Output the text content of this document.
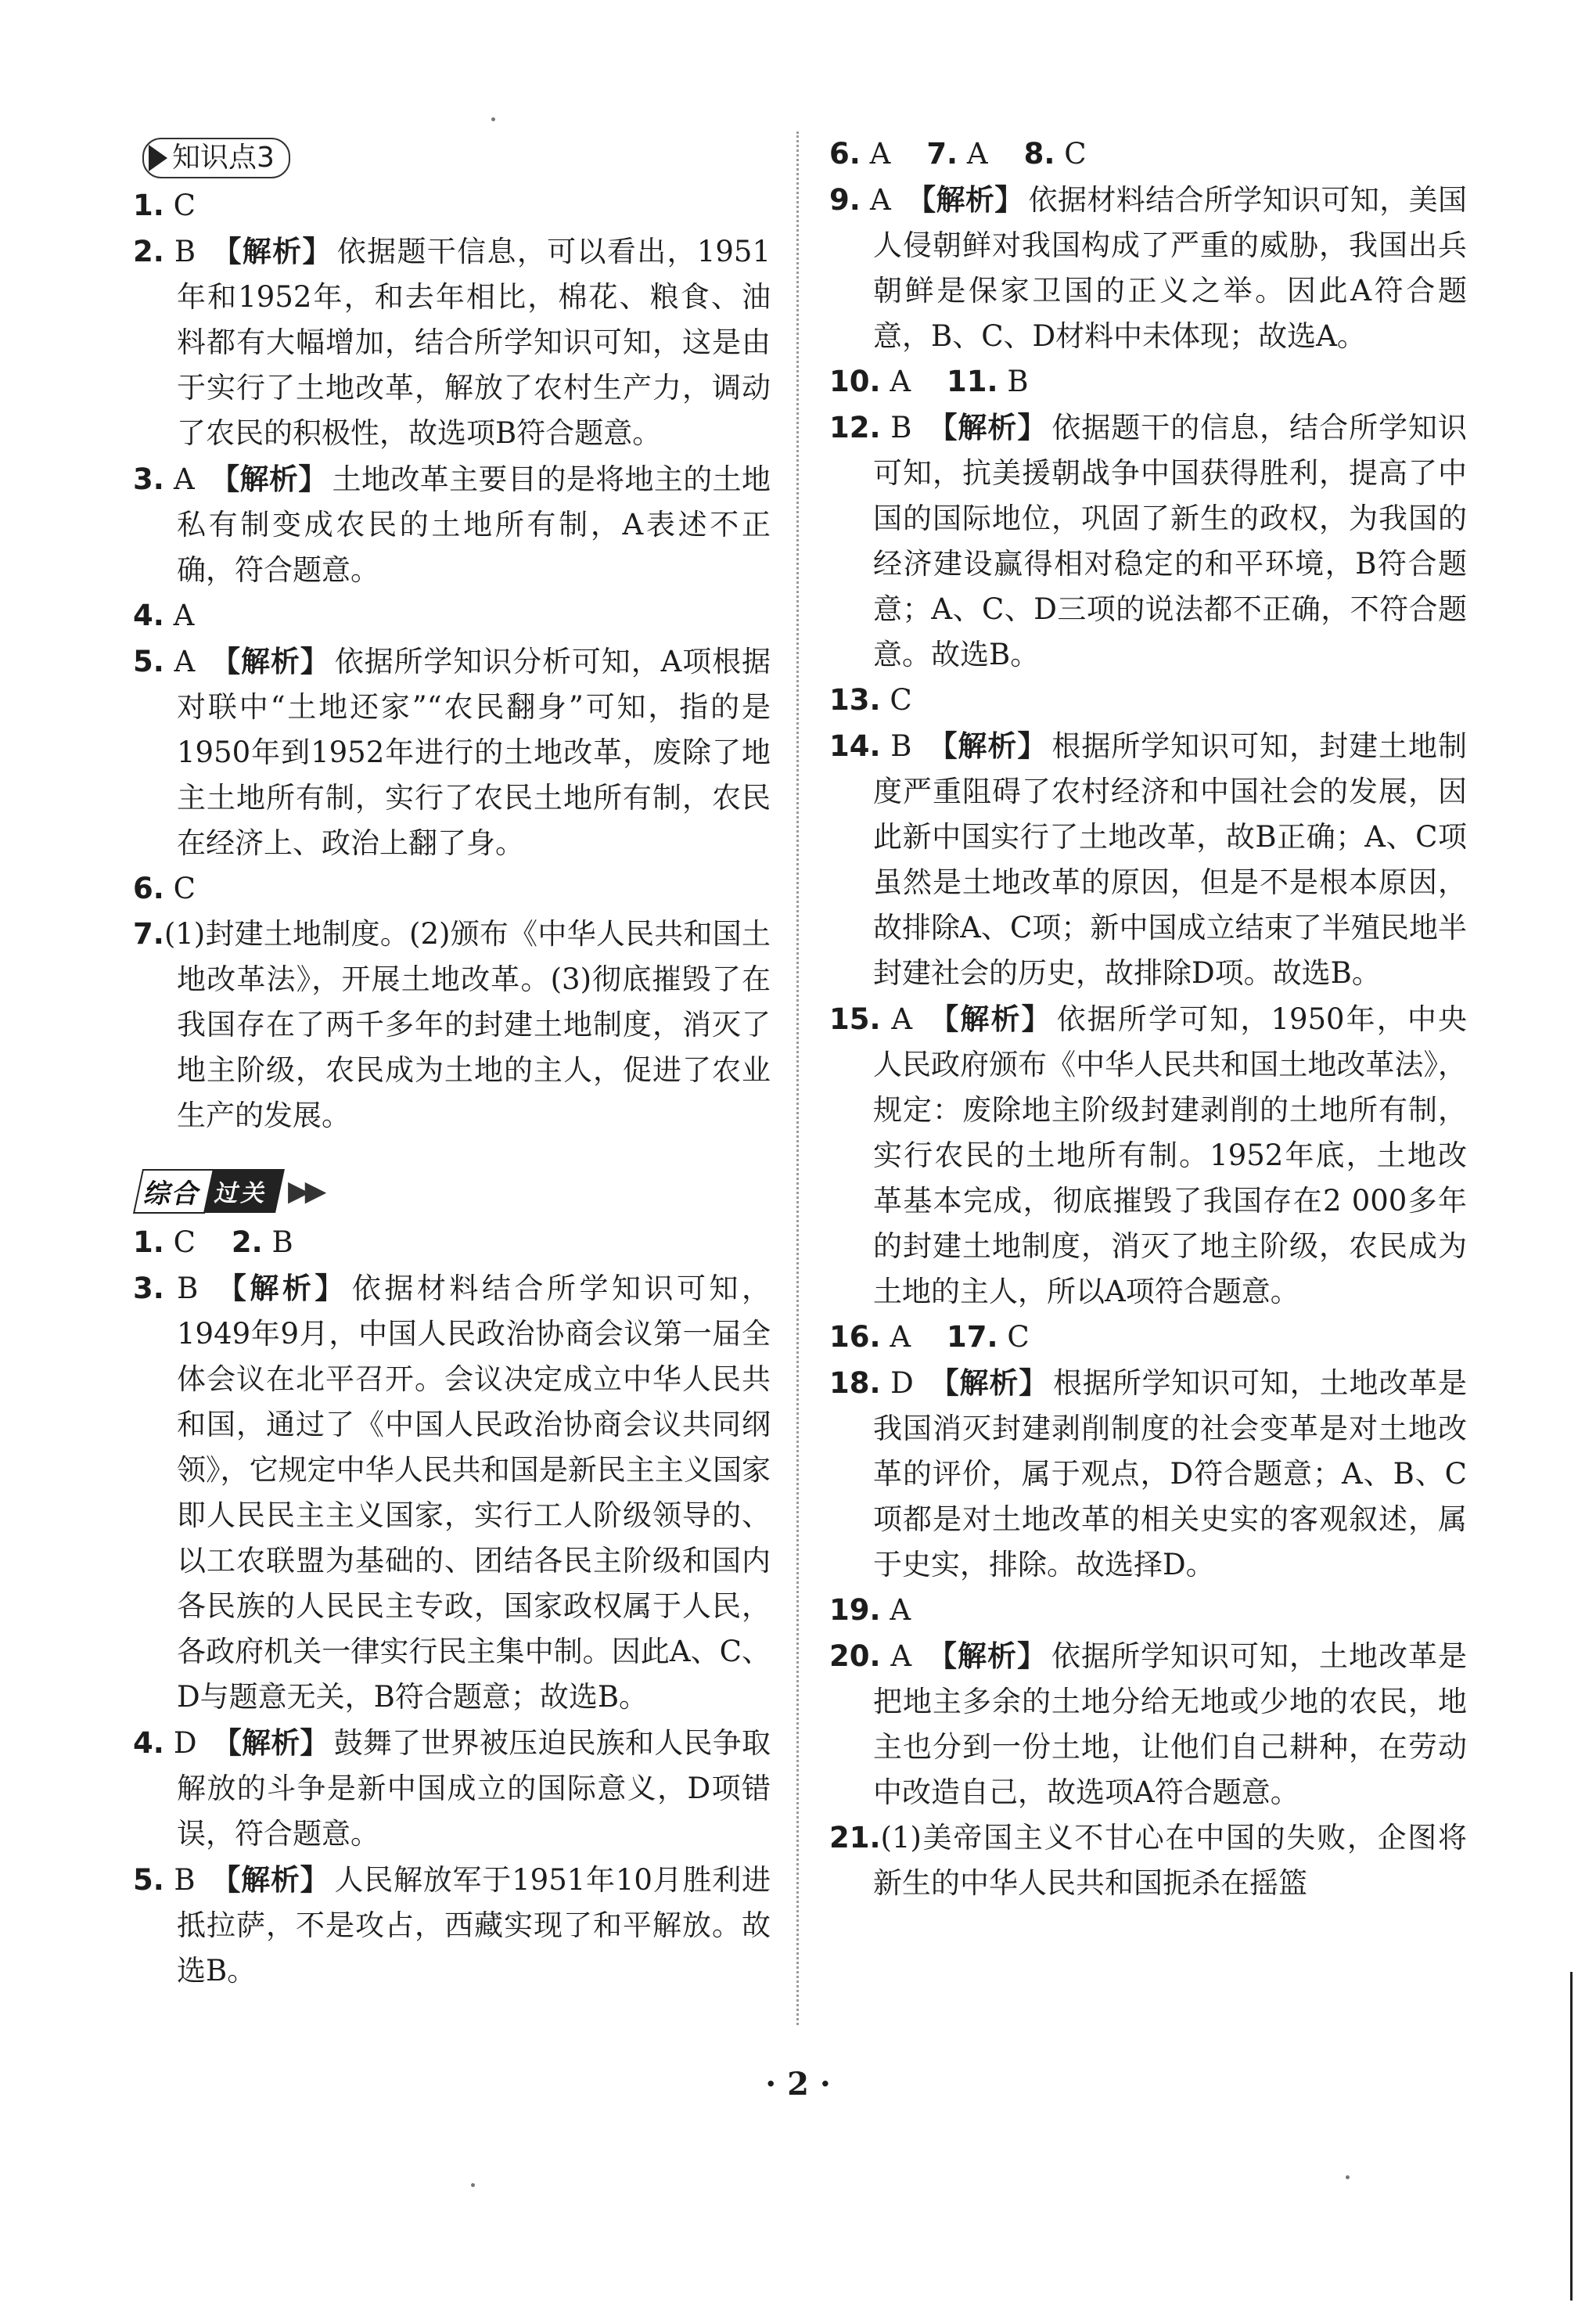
知识点3

1. C

2. B 【解析】 依据题干信息，可以看出，1951年和1952年，和去年相比，棉花、粮食、油料都有大幅增加，结合所学知识可知，这是由于实行了土地改革，解放了农村生产力，调动了农民的积极性，故选项B符合题意。

3. A 【解析】 土地改革主要目的是将地主的土地私有制变成农民的土地所有制，A表述不正确，符合题意。

4. A

5. A 【解析】 依据所学知识分析可知，A项根据对联中“土地还家”“农民翻身”可知，指的是1950年到1952年进行的土地改革，废除了地主土地所有制，实行了农民土地所有制，农民在经济上、政治上翻了身。

6. C

7.(1)封建土地制度。(2)颁布《中华人民共和国土地改革法》，开展土地改革。(3)彻底摧毁了在我国存在了两千多年的封建土地制度，消灭了地主阶级，农民成为土地的主人，促进了农业生产的发展。

综合 过关 ▶▶

1. C 2. B

3. B 【解析】 依据材料结合所学知识可知，1949年9月，中国人民政治协商会议第一届全体会议在北平召开。会议决定成立中华人民共和国，通过了《中国人民政治协商会议共同纲领》，它规定中华人民共和国是新民主主义国家即人民民主主义国家，实行工人阶级领导的、以工农联盟为基础的、团结各民主阶级和国内各民族的人民民主专政，国家政权属于人民，各政府机关一律实行民主集中制。因此A、C、D与题意无关，B符合题意；故选B。

4. D 【解析】 鼓舞了世界被压迫民族和人民争取解放的斗争是新中国成立的国际意义，D项错误，符合题意。

5. B 【解析】 人民解放军于1951年10月胜利进抵拉萨，不是攻占，西藏实现了和平解放。故选B。

6. A 7. A 8. C

9. A 【解析】 依据材料结合所学知识可知，美国人侵朝鲜对我国构成了严重的威胁，我国出兵朝鲜是保家卫国的正义之举。因此A符合题意，B、C、D材料中未体现；故选A。

10. A 11. B

12. B 【解析】 依据题干的信息，结合所学知识可知，抗美援朝战争中国获得胜利，提高了中国的国际地位，巩固了新生的政权，为我国的经济建设赢得相对稳定的和平环境，B符合题意；A、C、D三项的说法都不正确，不符合题意。故选B。

13. C

14. B 【解析】 根据所学知识可知，封建土地制度严重阻碍了农村经济和中国社会的发展，因此新中国实行了土地改革，故B正确；A、C项虽然是土地改革的原因，但是不是根本原因，故排除A、C项；新中国成立结束了半殖民地半封建社会的历史，故排除D项。故选B。

15. A 【解析】 依据所学可知，1950年，中央人民政府颁布《中华人民共和国土地改革法》，规定：废除地主阶级封建剥削的土地所有制，实行农民的土地所有制。1952年底，土地改革基本完成，彻底摧毁了我国存在2 000多年的封建土地制度，消灭了地主阶级，农民成为土地的主人，所以A项符合题意。

16. A 17. C

18. D 【解析】 根据所学知识可知，土地改革是我国消灭封建剥削制度的社会变革是对土地改革的评价，属于观点，D符合题意；A、B、C项都是对土地改革的相关史实的客观叙述，属于史实，排除。故选择D。

19. A

20. A 【解析】 依据所学知识可知，土地改革是把地主多余的土地分给无地或少地的农民，地主也分到一份土地，让他们自己耕种，在劳动中改造自己，故选项A符合题意。

21.(1)美帝国主义不甘心在中国的失败，企图将新生的中华人民共和国扼杀在摇篮

· 2 ·
